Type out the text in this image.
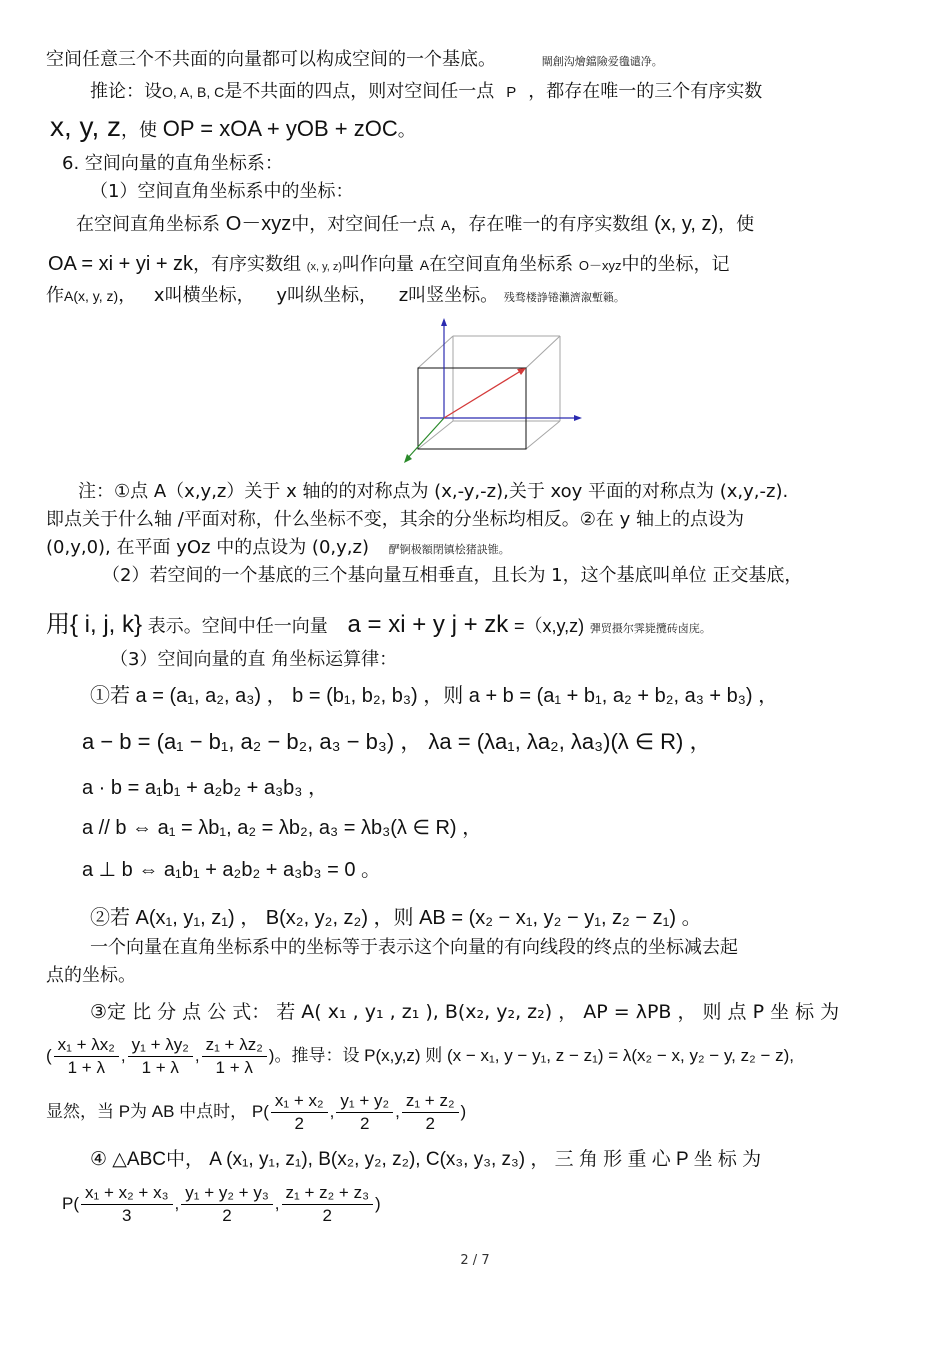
空间任意三个不共面的向量都可以构成空间的一个基底。	閘創沟燴鐺險爱氇谴净。
推论：设O, A, B, C是不共面的四点，则对空间任一点 P ，都存在唯一的三个有序实数
x, y, z，使 OP = xOA + yOB + zOC。
6. 空间向量的直角坐标系：
（1）空间直角坐标系中的坐标：
在空间直角坐标系 O－xyz中，对空间任一点 A，存在唯一的有序实数组 (x, y, z)，使
OA = xi + yi + zk，有序实数组 (x, y, z)叫作向量 A在空间直角坐标系 O－xyz中的坐标，记
作A(x, y, z)， x叫横坐标， y叫纵坐标， z叫竖坐标。 残骛楼諍锩瀨濟溆塹籟。
注：①点 A（x,y,z）关于 x 轴的的对称点为 (x,-y,-z),关于 xoy 平面的对称点为 (x,y,-z).
即点关于什么轴 /平面对称，什么坐标不变，其余的分坐标均相反。②在 y 轴上的点设为
(0,y,0), 在平面 yOz 中的点设为 (0,y,z) 酽锕极額閉镇桧猪訣锥。
（2）若空间的一个基底的三个基向量互相垂直，且长为 1，这个基底叫单位 正交基底，
用{ i, j, k} 表示。空间中任一向量 a = xi + y j + zk =（x,y,z) 彈贸摄尔霁毙攬砖卤庑。
（3）空间向量的直 角坐标运算律：
①若 a = (a₁, a₂, a₃) ， b = (b₁, b₂, b₃) ，则 a + b = (a₁ + b₁, a₂ + b₂, a₃ + b₃) ，
a − b = (a₁ − b₁, a₂ − b₂, a₃ − b₃) ， λa = (λa₁, λa₂, λa₃)(λ ∈ R) ，
a · b = a₁b₁ + a₂b₂ + a₃b₃ ，
a // b ⇔ a₁ = λb₁, a₂ = λb₂, a₃ = λb₃(λ ∈ R) ，
a ⊥ b ⇔ a₁b₁ + a₂b₂ + a₃b₃ = 0 。
②若 A(x₁, y₁, z₁) ， B(x₂, y₂, z₂) ，则 AB = (x₂ − x₁, y₂ − y₁, z₂ − z₁) 。
一个向量在直角坐标系中的坐标等于表示这个向量的有向线段的终点的坐标减去起
点的坐标。
③定 比 分 点 公 式： 若 A( x₁ , y₁ , z₁ ), B(x₂, y₂, z₂) ， AP = λPB ， 则 点 P 坐 标 为
( $\frac{\text{x₁ + λx₂}}{1 + \lambda}$ , $\frac{\text{y₁ + λy₂}}{1 + \lambda}$ , $\frac{\text{z₁ + λz₂}}{1 + \lambda}$ )。推导：设 P(x,y,z) 则 (x − x₁, y − y₁, z − z₁) = λ(x₂ − x, y₂ − y, z₂ − z),
显然，当 P为 AB 中点时， $P( \frac{\text{x₁ + x₂}}{2}$ , $\frac{\text{y₁ + y₂}}{2}$ , $\frac{\text{z₁ + z₂}}{2}$ )
④ △ABC中， A (x₁, y₁, z₁), B(x₂, y₂, z₂), C(x₃, y₃, z₃) ， 三 角 形 重 心 P 坐 标 为
$P( \frac{\text{x₁ + x₂ + x₃}}{3}$ , $\frac{\text{y₁ + y₂ + y₃}}{2}$ , $\frac{\text{z₁ + z₂ + z₃}}{2}$ )
2 / 7
